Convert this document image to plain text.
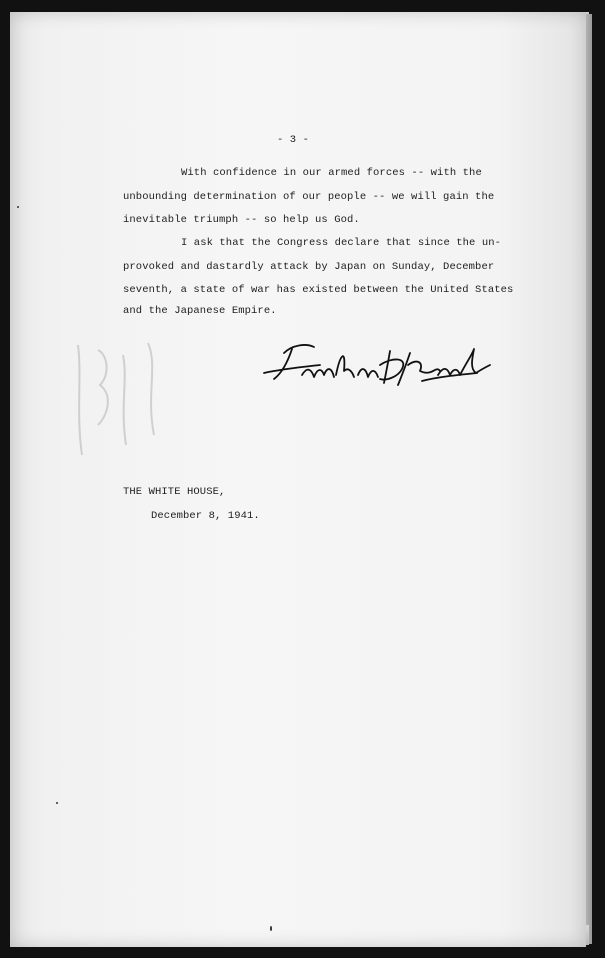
- 3 -
With confidence in our armed forces -- with the
unbounding determination of our people -- we will gain the
inevitable triumph -- so help us God.
I ask that the Congress declare that since the un-
provoked and dastardly attack by Japan on Sunday, December
seventh, a state of war has existed between the United States
and the Japanese Empire.
THE WHITE HOUSE,
December 8, 1941.
